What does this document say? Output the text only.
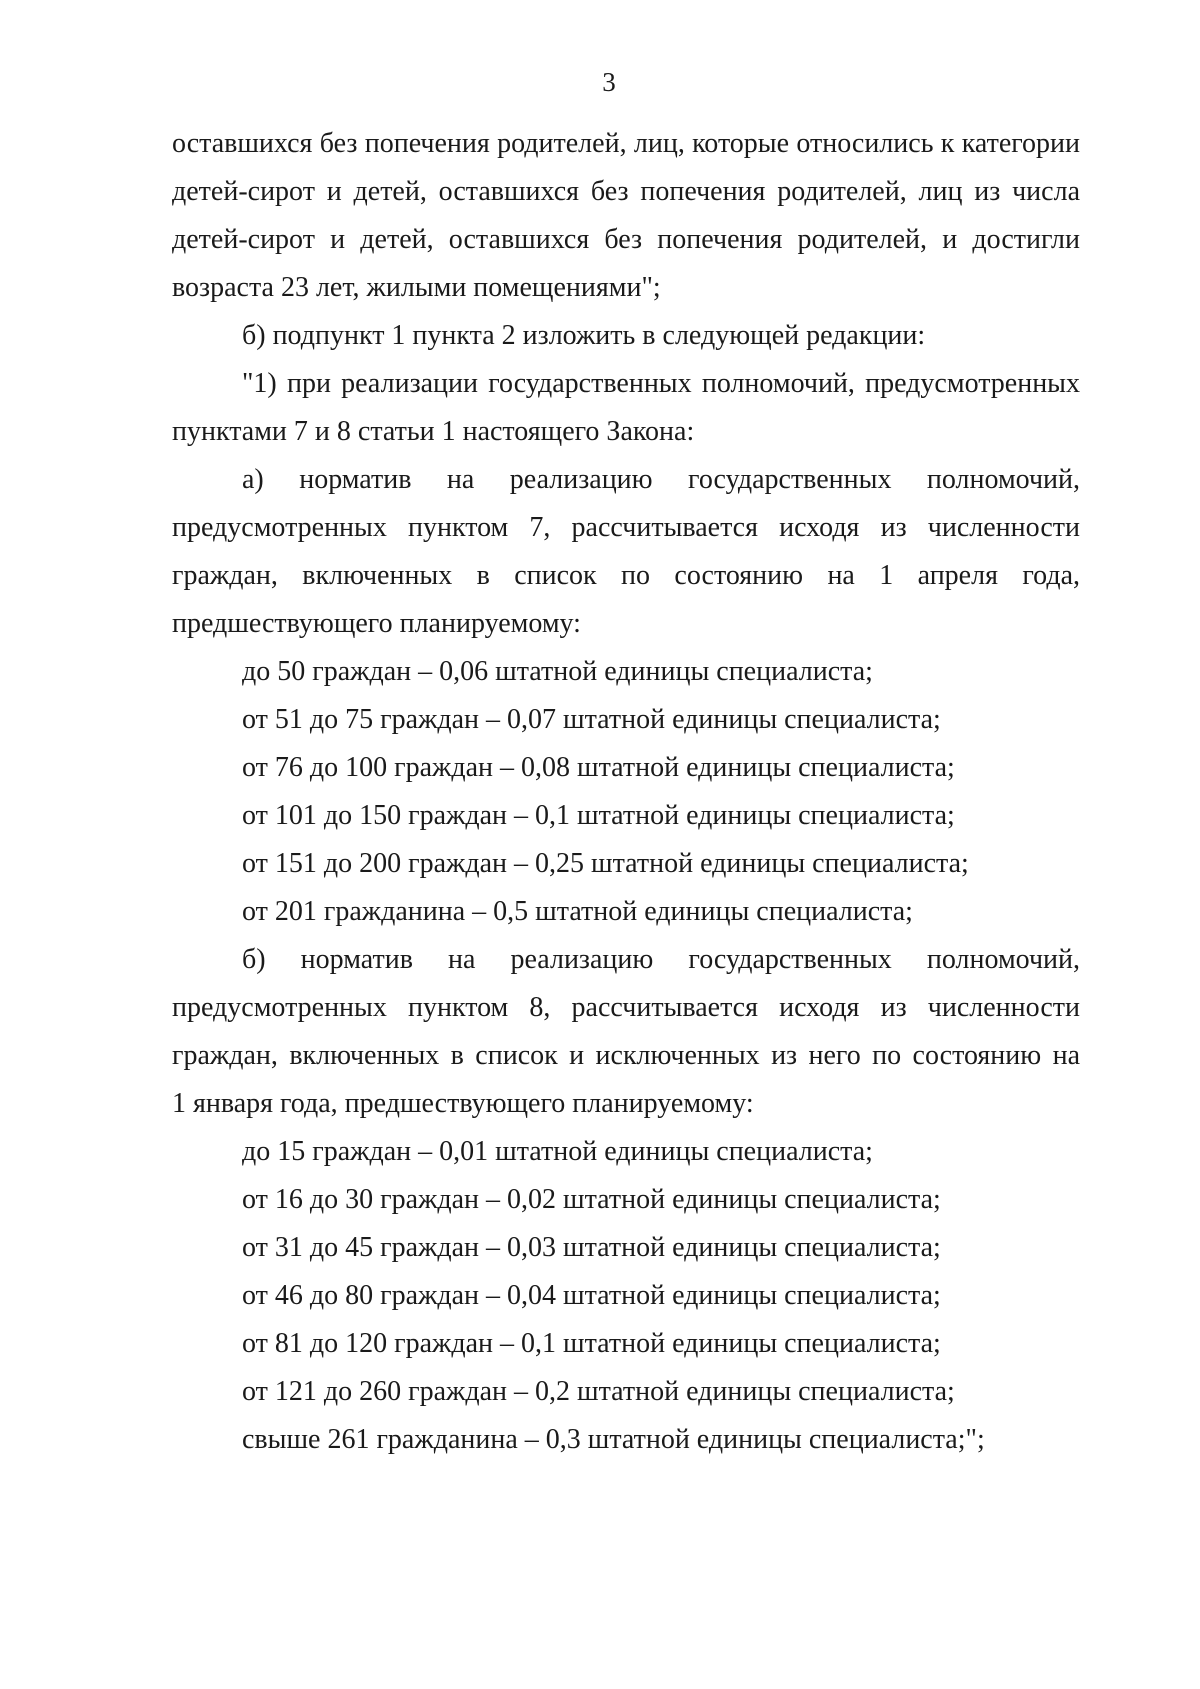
3

оставшихся без попечения родителей, лиц, которые относились к категории

детей-сирот и детей, оставшихся без попечения родителей, лиц из числа

детей-сирот и детей, оставшихся без попечения родителей, и достигли

возраста 23 лет, жилыми помещениями";

б) подпункт 1 пункта 2 изложить в следующей редакции:

"1) при реализации государственных полномочий, предусмотренных

пунктами 7 и 8 статьи 1 настоящего Закона:

а) норматив на реализацию государственных полномочий,

предусмотренных пунктом 7, рассчитывается исходя из численности

граждан, включенных в список по состоянию на 1 апреля года,

предшествующего планируемому:

до 50 граждан – 0,06 штатной единицы специалиста;

от 51 до 75 граждан – 0,07 штатной единицы специалиста;

от 76 до 100 граждан – 0,08 штатной единицы специалиста;

от 101 до 150 граждан – 0,1 штатной единицы специалиста;

от 151 до 200 граждан – 0,25 штатной единицы специалиста;

от 201 гражданина – 0,5 штатной единицы специалиста;

б) норматив на реализацию государственных полномочий,

предусмотренных пунктом 8, рассчитывается исходя из численности

граждан, включенных в список и исключенных из него по состоянию на

1 января года, предшествующего планируемому:

до 15 граждан – 0,01 штатной единицы специалиста;

от 16 до 30 граждан – 0,02 штатной единицы специалиста;

от 31 до 45 граждан – 0,03 штатной единицы специалиста;

от 46 до 80 граждан – 0,04 штатной единицы специалиста;

от 81 до 120 граждан – 0,1 штатной единицы специалиста;

от 121 до 260 граждан – 0,2 штатной единицы специалиста;

свыше 261 гражданина – 0,3 штатной единицы специалиста;";
